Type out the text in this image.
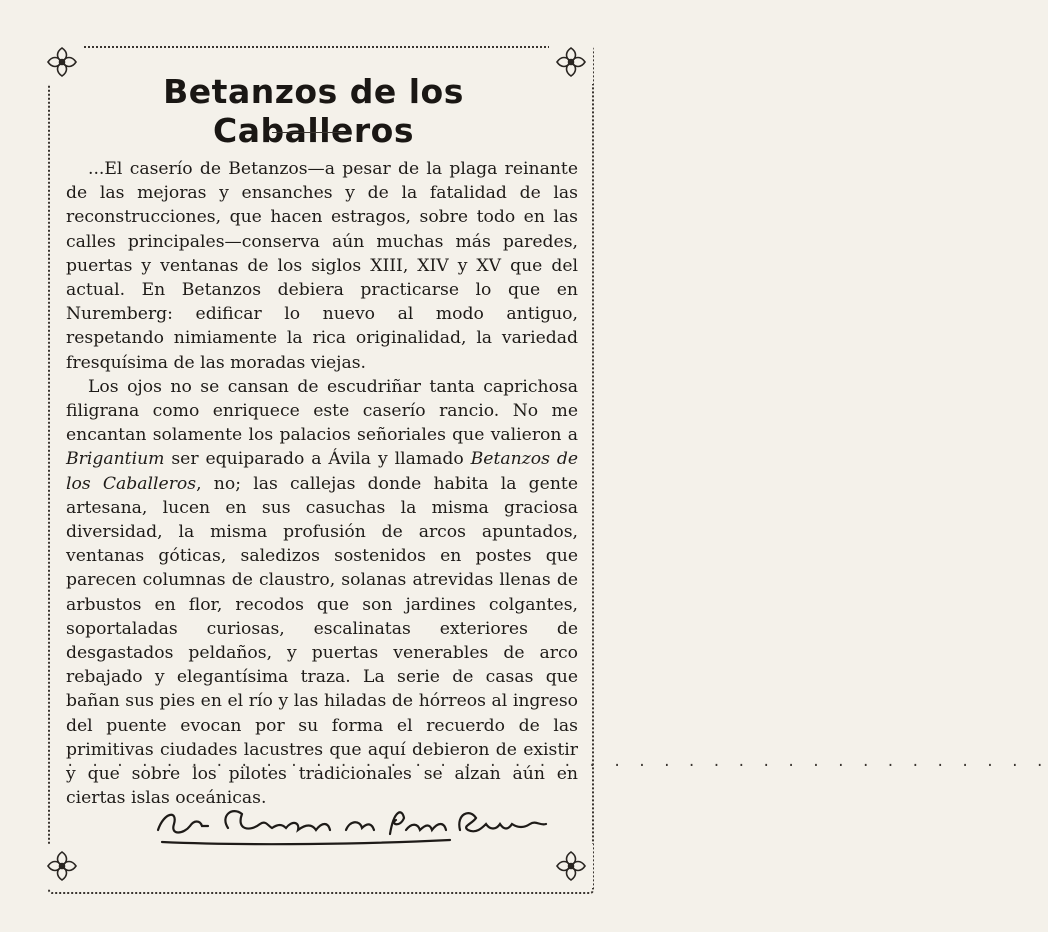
Betanzos de los Caballeros

...El caserío de Betanzos—a pesar de la plaga reinante de las mejoras y ensanches y de la fatalidad de las reconstrucciones, que hacen estragos, sobre todo en las calles principales—conserva aún muchas más paredes, puertas y ventanas de los siglos XIII, XIV y XV que del actual. En Betanzos debiera practicarse lo que en Nuremberg: edificar lo nuevo al modo antiguo, respetando nimiamente la rica originalidad, la variedad fresquísima de las moradas viejas.

Los ojos no se cansan de escudriñar tanta caprichosa filigrana como enriquece este caserío rancio. No me encantan solamente los palacios señoriales que valieron a Brigantium ser equiparado a Ávila y llamado Betanzos de los Caballeros, no; las callejas donde habita la gente artesana, lucen en sus casuchas la misma graciosa diversidad, la misma profusión de arcos apuntados, ventanas góticas, saledizos sostenidos en postes que parecen columnas de claustro, solanas atrevidas llenas de arbustos en flor, recodos que son jardines colgantes, soportaladas curiosas, escalinatas exteriores de desgastados peldaños, y puertas venerables de arco rebajado y elegantísima traza. La serie de casas que bañan sus pies en el río y las hiladas de hórreos al ingreso del puente evocan por su forma el recuerdo de las primitivas ciudades lacustres que aquí debieron de existir y que sobre los pilotes tradicionales se alzan aún en ciertas islas oceánicas.

. . . . . . . . . . . . . . . . . . . . . . . . . . . . . . . . . . . . . . . .
